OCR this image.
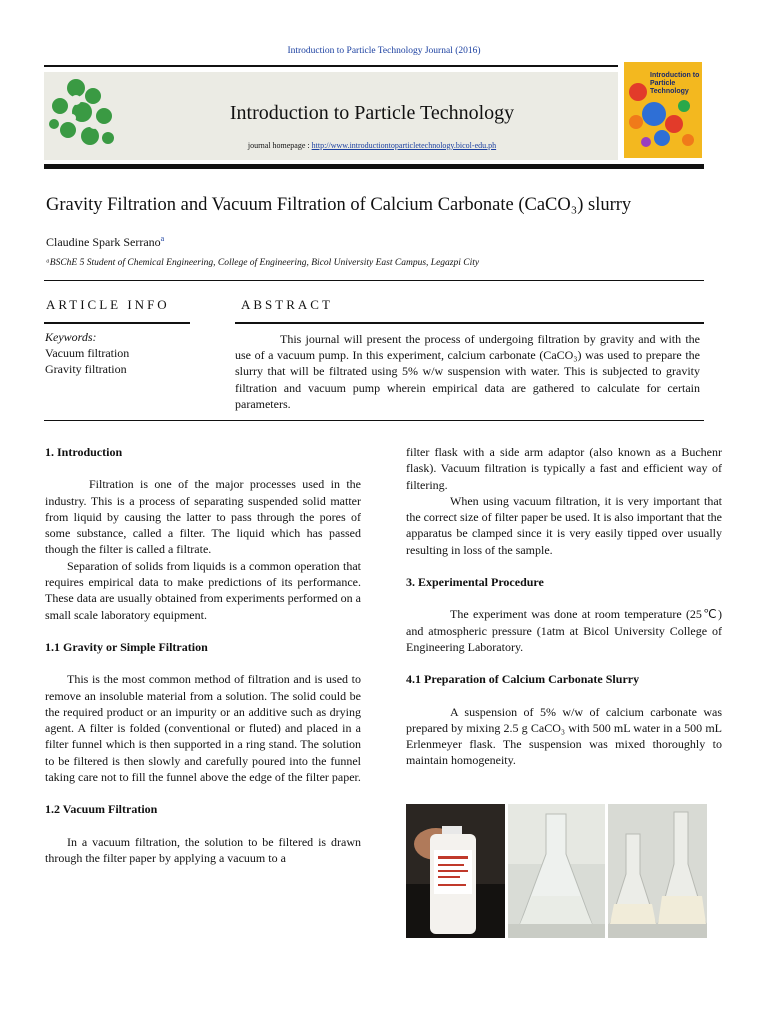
Introduction to Particle Technology Journal (2016)
Introduction to Particle Technology
journal homepage : http://www.introductiontoparticletechnology.bicol-edu.ph
Introduction to Particle Technology
Gravity Filtration and Vacuum Filtration of Calcium Carbonate (CaCO₃) slurry
Claudine Spark Serrano$^a$
ᵃBSChE 5 Student of Chemical Engineering, College of Engineering, Bicol University East Campus, Legazpi City
ARTICLE INFO	ABSTRACT
Keywords:
Vacuum filtration
Gravity filtration
This journal will present the process of undergoing filtration by gravity and with the use of a vacuum pump. In this experiment, calcium carbonate (CaCO₃) was used to prepare the slurry that will be filtrated using 5% w/w suspension with water. This is subjected to gravity filtration and vacuum pump wherein empirical data are gathered to calculate for certain parameters.

1. Introduction

Filtration is one of the major processes used in the industry. This is a process of separating suspended solid matter from liquid by causing the latter to pass through the pores of some substance, called a filter. The liquid which has passed though the filter is called a filtrate.

Separation of solids from liquids is a common operation that requires empirical data to make predictions of its performance. These data are usually obtained from experiments performed on a small scale laboratory equipment.

1.1 Gravity or Simple Filtration

This is the most common method of filtration and is used to remove an insoluble material from a solution. The solid could be the required product or an impurity or an additive such as drying agent. A filter is folded (conventional or fluted) and placed in a filter funnel which is then supported in a ring stand. The solution to be filtered is then slowly and carefully poured into the funnel taking care not to fill the funnel above the edge of the filter paper.

1.2 Vacuum Filtration

In a vacuum filtration, the solution to be filtered is drawn through the filter paper by applying a vacuum to a

filter flask with a side arm adaptor (also known as a Buchenr flask). Vacuum filtration is typically a fast and efficient way of filtering.

When using vacuum filtration, it is very important that the correct size of filter paper be used. It is also important that the apparatus be clamped since it is very easily tipped over usually resulting in loss of the sample.

3. Experimental Procedure

The experiment was done at room temperature (25℃) and atmospheric pressure (1atm at Bicol University College of Engineering Laboratory.

4.1 Preparation of Calcium Carbonate Slurry

A suspension of 5% w/w of calcium carbonate was prepared by mixing 2.5 g CaCO₃ with 500 mL water in a 500 mL Erlenmeyer flask. The suspension was mixed thoroughly to maintain homogeneity.
